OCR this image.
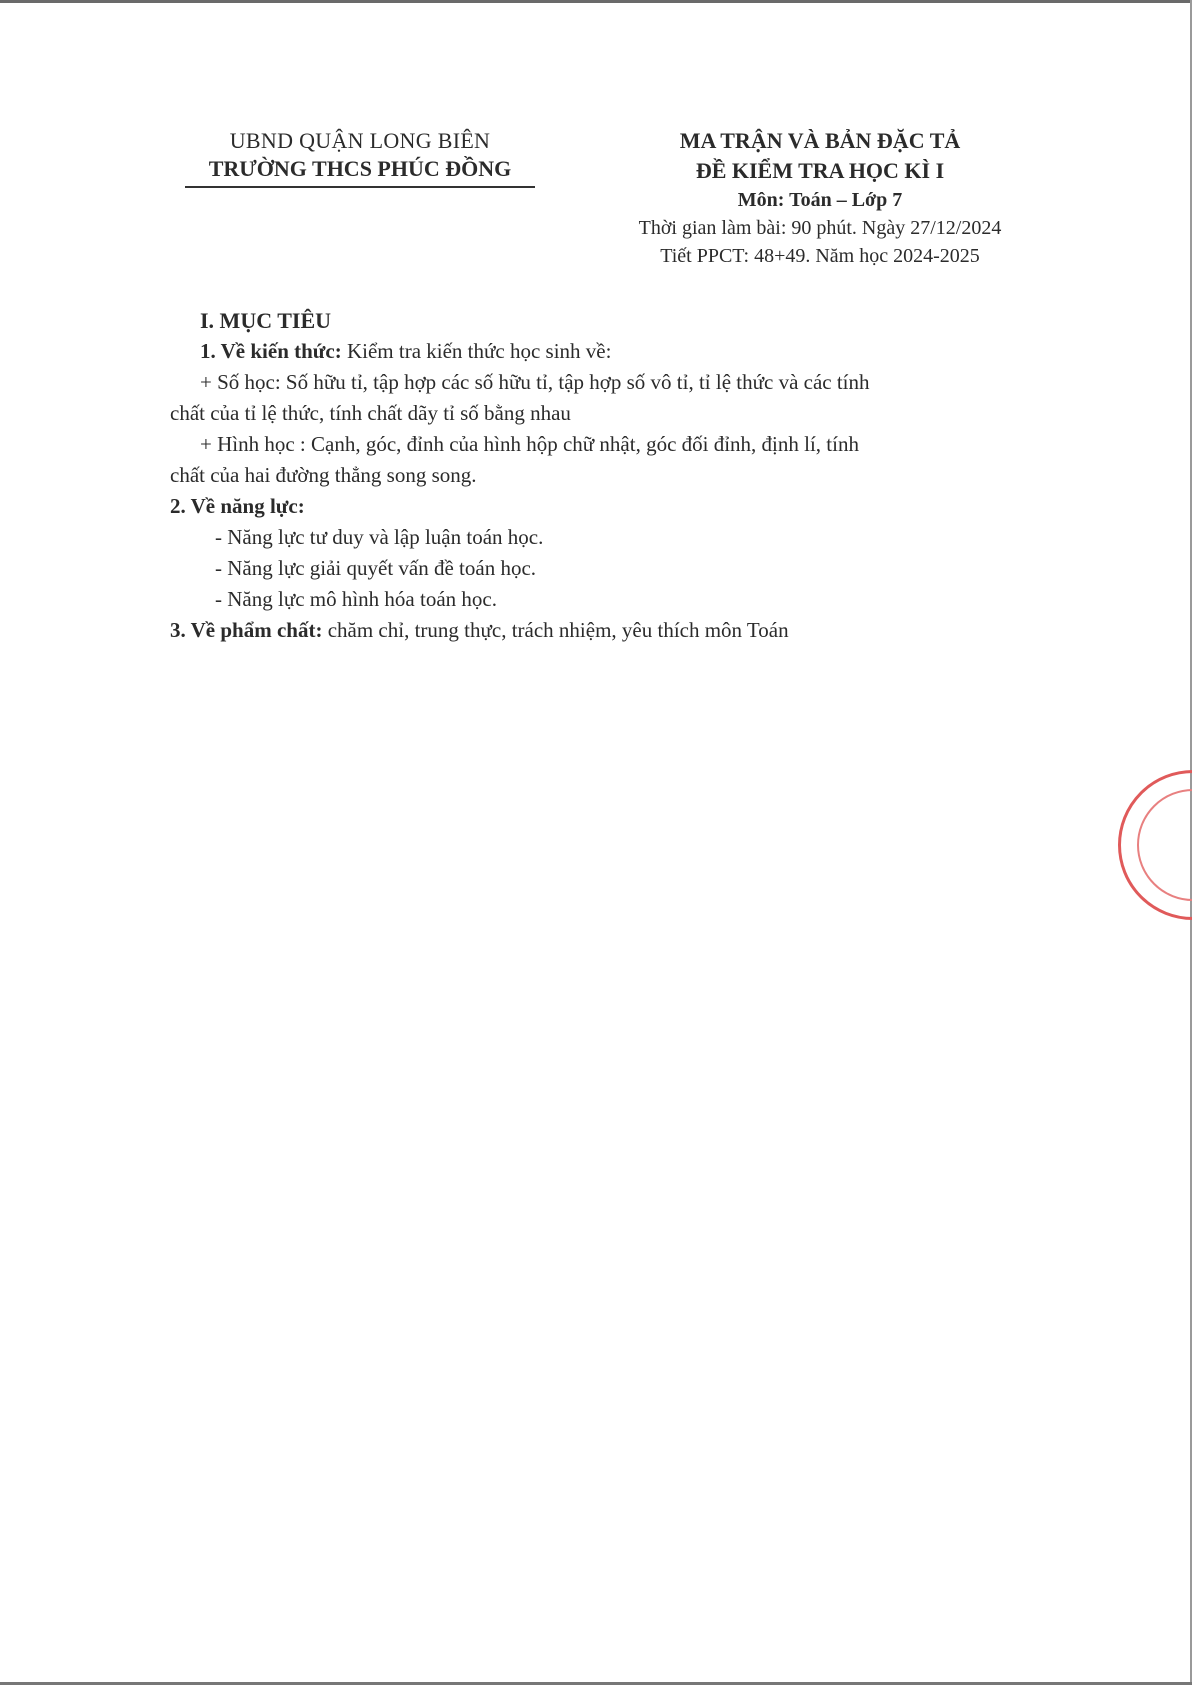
UBND QUẬN LONG BIÊN
TRƯỜNG THCS PHÚC ĐỒNG
MA TRẬN VÀ BẢN ĐẶC TẢ
ĐỀ KIỂM TRA HỌC KÌ I
Môn: Toán – Lớp 7
Thời gian làm bài: 90 phút. Ngày 27/12/2024
Tiết PPCT: 48+49. Năm học 2024-2025

I. MỤC TIÊU

1. Về kiến thức: Kiểm tra kiến thức học sinh về:

+ Số học: Số hữu tỉ, tập hợp các số hữu tỉ, tập hợp số vô tỉ, tỉ lệ thức và các tính

chất của tỉ lệ thức, tính chất dãy tỉ số bằng nhau

+ Hình học : Cạnh, góc, đỉnh của hình hộp chữ nhật, góc đối đỉnh, định lí, tính

chất của hai đường thẳng song song.

2. Về năng lực:

- Năng lực tư duy và lập luận toán học.

- Năng lực giải quyết vấn đề toán học.

- Năng lực mô hình hóa toán học.

3. Về phẩm chất: chăm chỉ, trung thực, trách nhiệm, yêu thích môn Toán
